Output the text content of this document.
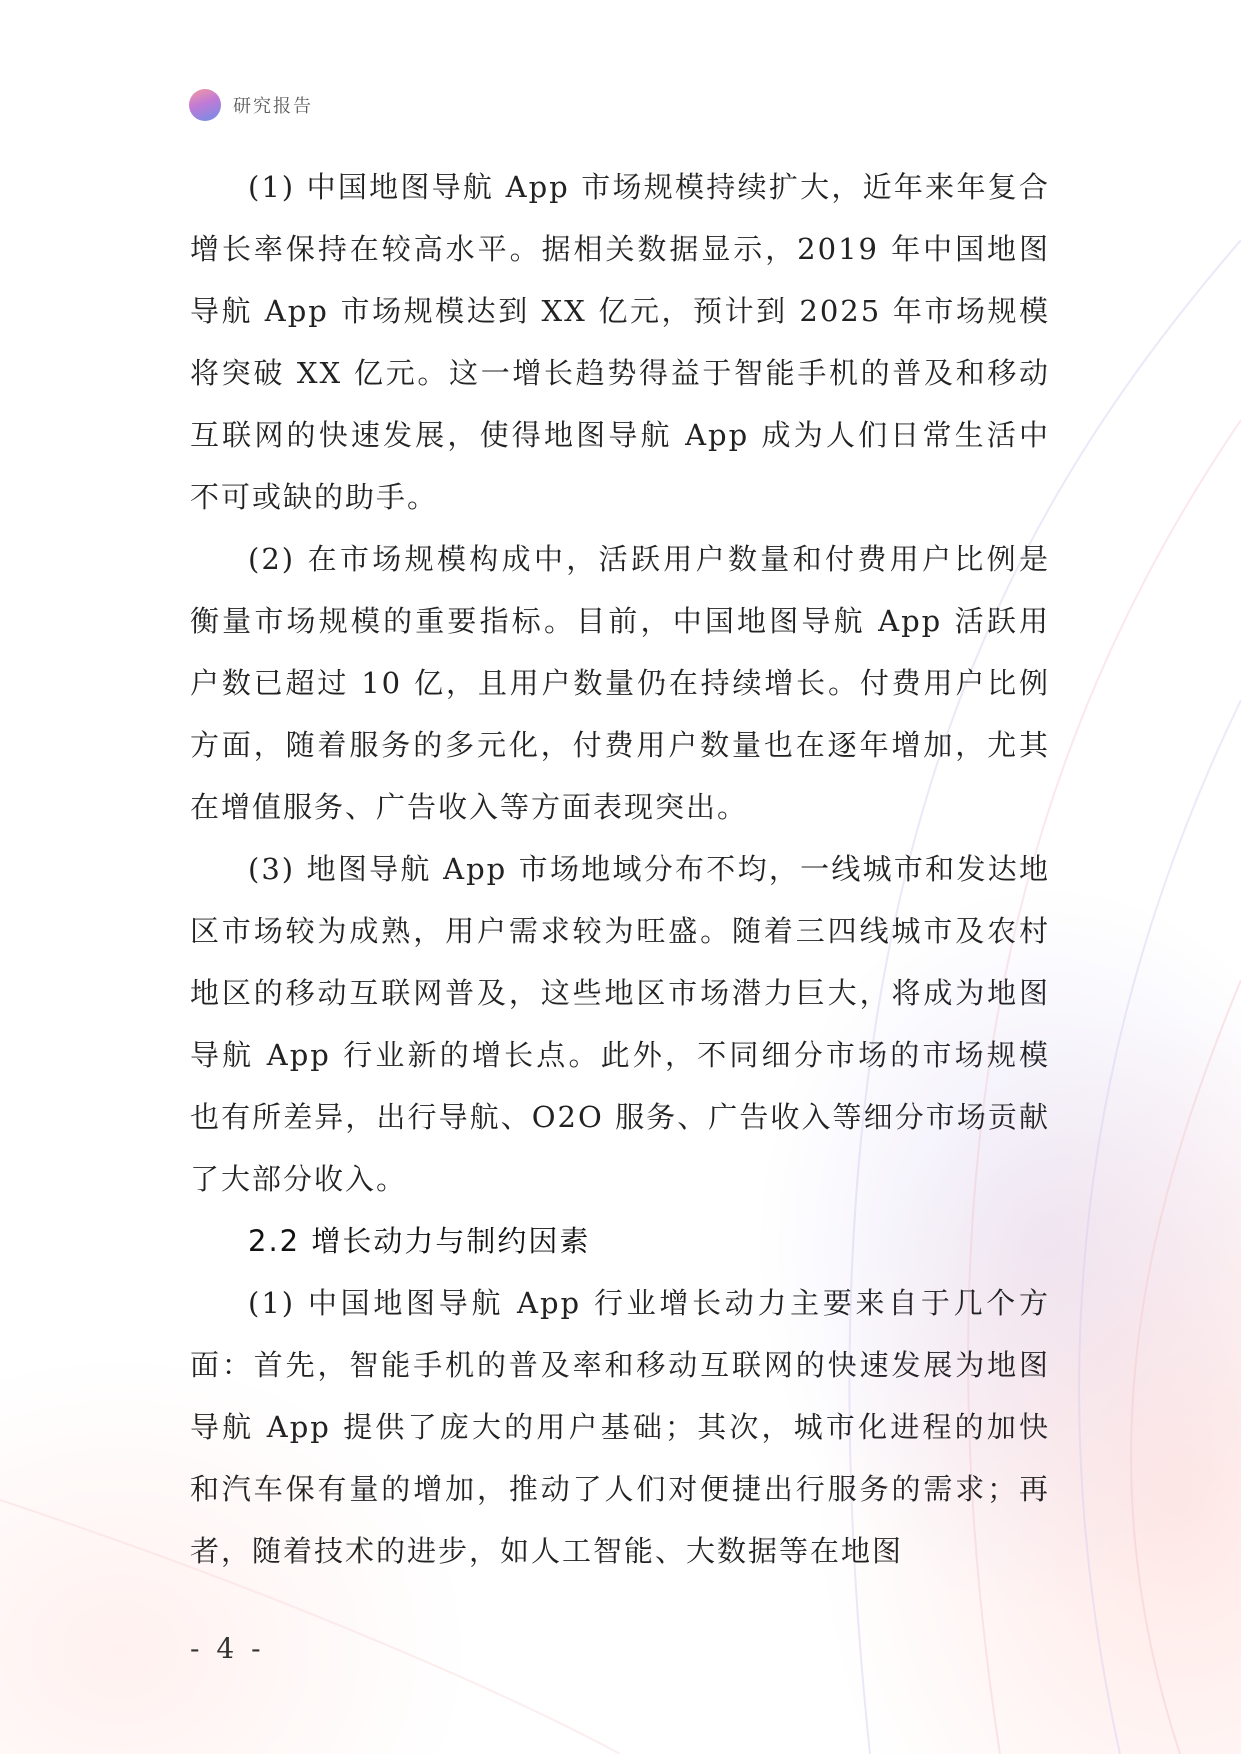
研究报告

(1) 中国地图导航 App 市场规模持续扩大，近年来年复合增长率保持在较高水平。据相关数据显示，2019 年中国地图导航 App 市场规模达到 XX 亿元，预计到 2025 年市场规模将突破 XX 亿元。这一增长趋势得益于智能手机的普及和移动互联网的快速发展，使得地图导航 App 成为人们日常生活中不可或缺的助手。

(2) 在市场规模构成中，活跃用户数量和付费用户比例是衡量市场规模的重要指标。目前，中国地图导航 App 活跃用户数已超过 10 亿，且用户数量仍在持续增长。付费用户比例方面，随着服务的多元化，付费用户数量也在逐年增加，尤其在增值服务、广告收入等方面表现突出。

(3) 地图导航 App 市场地域分布不均，一线城市和发达地区市场较为成熟，用户需求较为旺盛。随着三四线城市及农村地区的移动互联网普及，这些地区市场潜力巨大，将成为地图导航 App 行业新的增长点。此外，不同细分市场的市场规模也有所差异，出行导航、O2O 服务、广告收入等细分市场贡献了大部分收入。

2.2 增长动力与制约因素

(1) 中国地图导航 App 行业增长动力主要来自于几个方面：首先，智能手机的普及率和移动互联网的快速发展为地图导航 App 提供了庞大的用户基础；其次，城市化进程的加快和汽车保有量的增加，推动了人们对便捷出行服务的需求；再者，随着技术的进步，如人工智能、大数据等在地图

- 4 -
